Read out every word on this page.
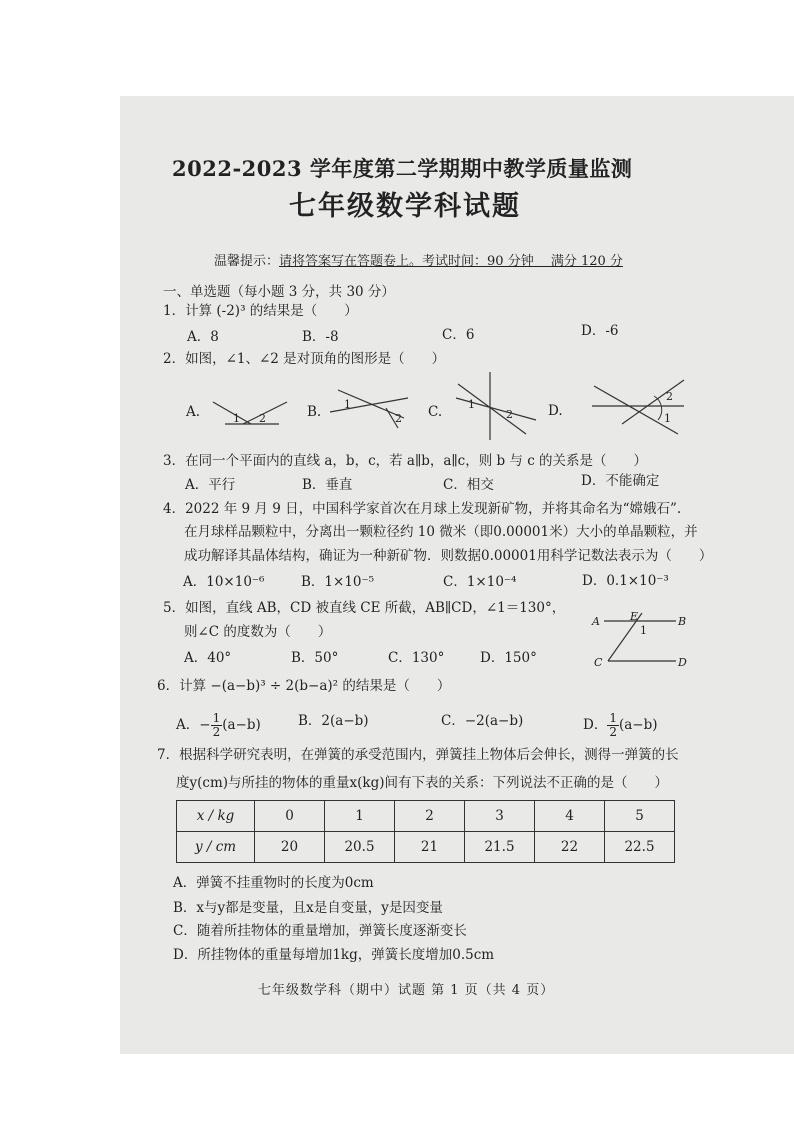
2022-2023 学年度第二学期期中教学质量监测
七年级数学科试题
温馨提示：请将答案写在答题卷上。考试时间：90 分钟　 满分 120 分
一、单选题（每小题 3 分，共 30 分）
1．计算 (-2)³ 的结果是（　　）
A．8	B．-8	C．6	D．-6
2．如图，∠1、∠2 是对顶角的图形是（　　）
A.	B.	C.	D.
1 2
1
2
1
2
2
1
3．在同一个平面内的直线 a，b，c，若 a∥b，a∥c，则 b 与 c 的关系是（　　）
A．平行	B．垂直	C．相交	D．不能确定
4．2022 年 9 月 9 日，中国科学家首次在月球上发现新矿物，并将其命名为“嫦娥石”.
在月球样品颗粒中，分离出一颗粒径约 10 微米（即0.00001米）大小的单晶颗粒，并
成功解译其晶体结构，确证为一种新矿物．则数据0.00001用科学记数法表示为（　　）
A．10×10⁻⁶	B．1×10⁻⁵	C．1×10⁻⁴	D．0.1×10⁻³
5．如图，直线 AB，CD 被直线 CE 所截，AB∥CD，∠1＝130°，
则∠C 的度数为（　　）
A．40°	B．50°	C．130°	D．150°
A	B
C	D
E
1
6．计算 −(a−b)³ ÷ 2(b−a)² 的结果是（　　）
A．− $\frac{1}{2} (a-b)$	B．2(a−b)	C．−2(a−b)	D． $\frac{1}{2} (a-b)$
7．根据科学研究表明，在弹簧的承受范围内，弹簧挂上物体后会伸长，测得一弹簧的长
度y(cm)与所挂的物体的重量x(kg)间有下表的关系：下列说法不正确的是（　　）
x / kg	0	1	2	3	4	5
y / cm	20	20.5	21	21.5	22	22.5
A．弹簧不挂重物时的长度为0cm
B．x与y都是变量，且x是自变量，y是因变量
C．随着所挂物体的重量增加，弹簧长度逐渐变长
D．所挂物体的重量每增加1kg，弹簧长度增加0.5cm
七年级数学科（期中）试题 第 1 页（共 4 页）
